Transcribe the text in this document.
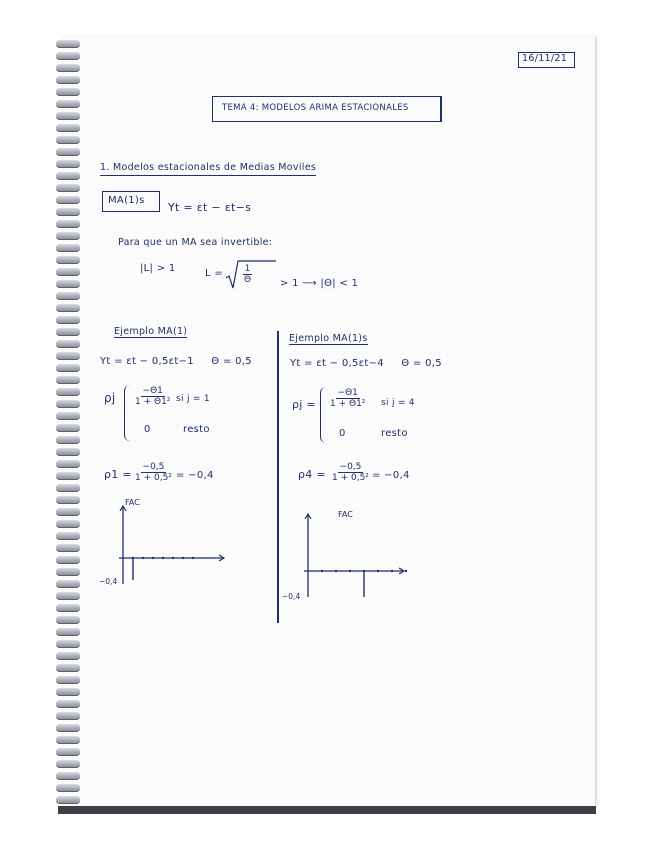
16/11/21
TEMA 4: MODELOS ARIMA ESTACIONALES
1. Modelos estacionales de Medias Moviles
MA(1)s
Yt = εt − εt−s
Para que un MA sea invertible:
|L| > 1	$L = \frac{1}{\Theta}$	> 1 ⟶ |Θ| < 1
Ejemplo MA(1)
Yt = εt − 0,5εt−1     Θ = 0,5
ρj $\frac{-\Theta 1}{\text{1 + Θ1²}}$ si j = 1
0	resto
$\rho 1 = \frac{-0,5}{\text{1 + 0,5²}} = -0,4$
FAC
−0,4
Ejemplo MA(1)s
Yt = εt − 0,5εt−4     Θ = 0,5
$\rho j = \frac{-\Theta 1}{\text{1 + Θ1²}}$ si j = 4
0	resto
$\rho 4 = \frac{-0,5}{\text{1 + 0,5²}} = -0,4$
FAC
−0,4
